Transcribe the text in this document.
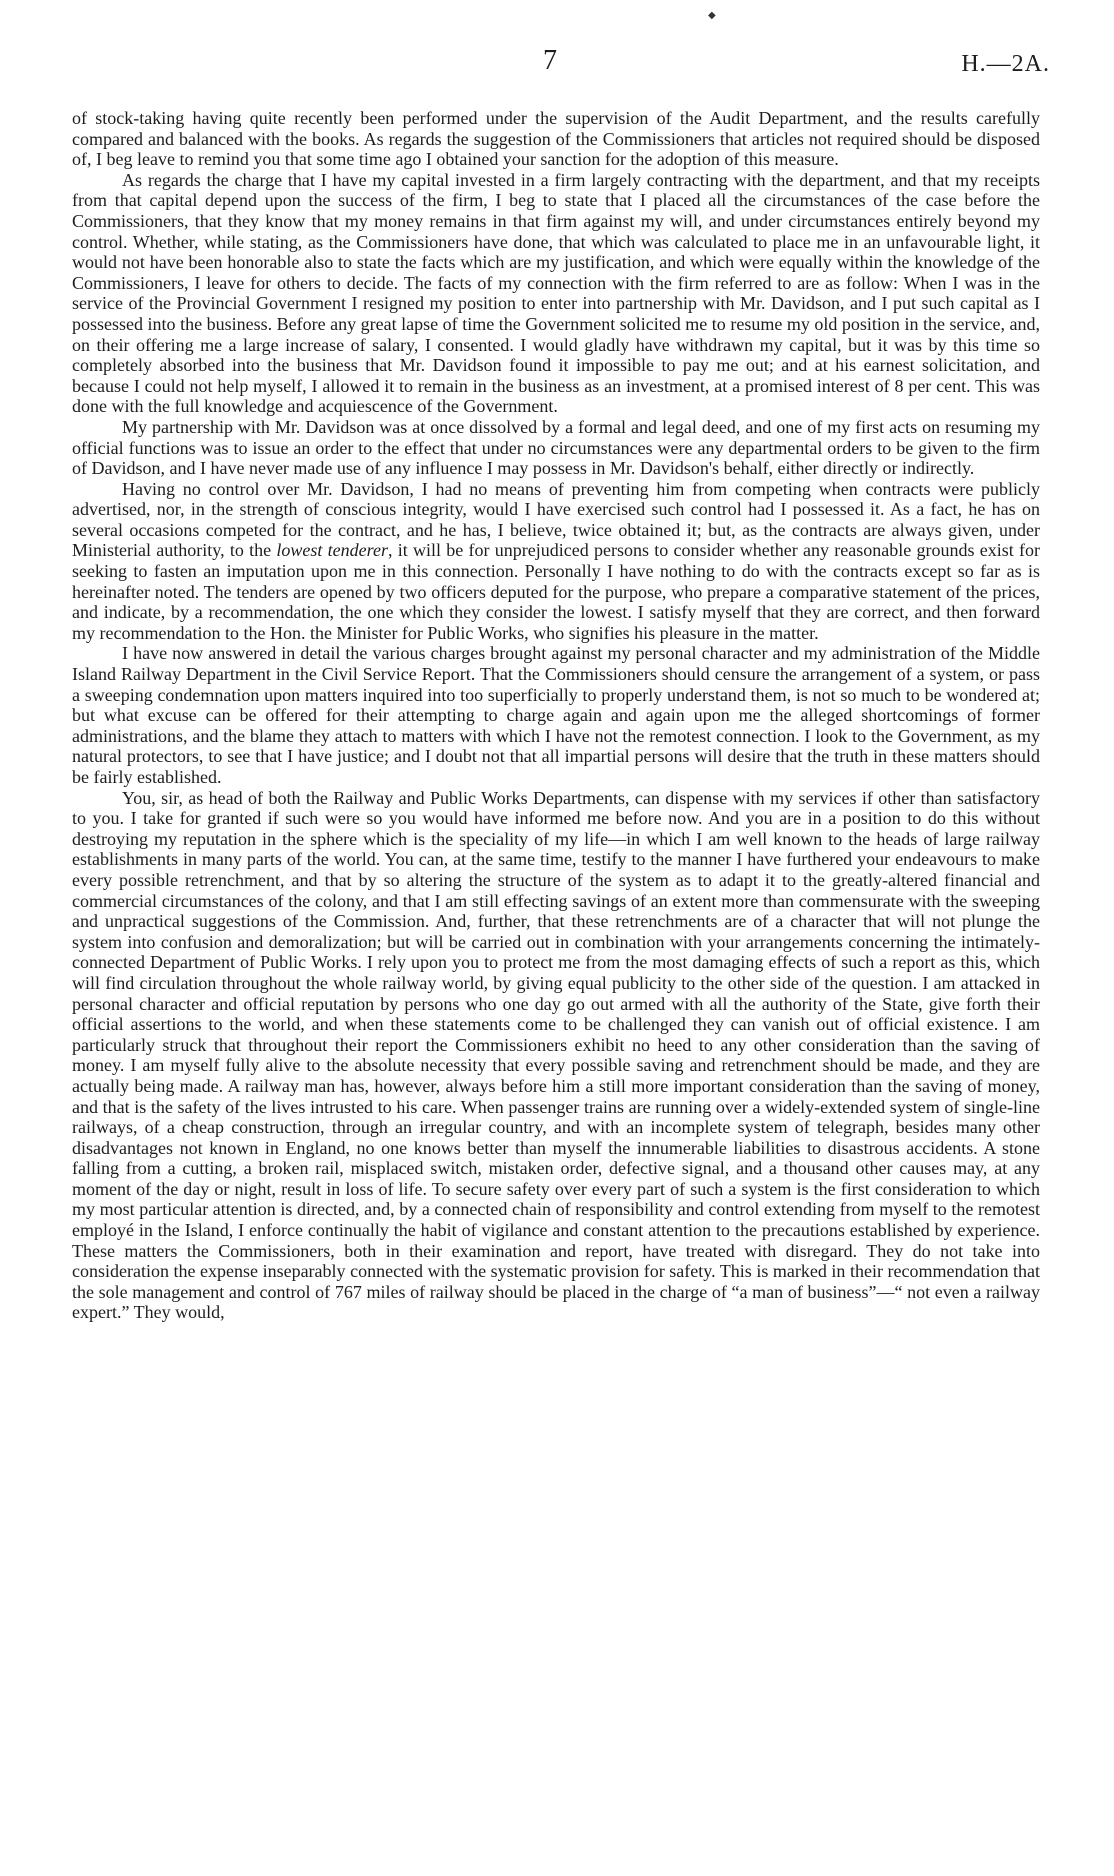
◆
7	H.—2A.

of stock-taking having quite recently been performed under the supervision of the Audit Department, and the results carefully compared and balanced with the books. As regards the suggestion of the Commissioners that articles not required should be disposed of, I beg leave to remind you that some time ago I obtained your sanction for the adoption of this measure.

As regards the charge that I have my capital invested in a firm largely contracting with the department, and that my receipts from that capital depend upon the success of the firm, I beg to state that I placed all the circumstances of the case before the Commissioners, that they know that my money remains in that firm against my will, and under circumstances entirely beyond my control. Whether, while stating, as the Commissioners have done, that which was calculated to place me in an unfavourable light, it would not have been honorable also to state the facts which are my justification, and which were equally within the knowledge of the Commissioners, I leave for others to decide. The facts of my connection with the firm referred to are as follow: When I was in the service of the Provincial Government I resigned my position to enter into partnership with Mr. Davidson, and I put such capital as I possessed into the business. Before any great lapse of time the Government solicited me to resume my old position in the service, and, on their offering me a large increase of salary, I consented. I would gladly have withdrawn my capital, but it was by this time so completely absorbed into the business that Mr. Davidson found it impossible to pay me out; and at his earnest solicitation, and because I could not help myself, I allowed it to remain in the business as an investment, at a promised interest of 8 per cent. This was done with the full knowledge and acquiescence of the Government.

My partnership with Mr. Davidson was at once dissolved by a formal and legal deed, and one of my first acts on resuming my official functions was to issue an order to the effect that under no circumstances were any departmental orders to be given to the firm of Davidson, and I have never made use of any influence I may possess in Mr. Davidson's behalf, either directly or indirectly.

Having no control over Mr. Davidson, I had no means of preventing him from competing when contracts were publicly advertised, nor, in the strength of conscious integrity, would I have exercised such control had I possessed it. As a fact, he has on several occasions competed for the contract, and he has, I believe, twice obtained it; but, as the contracts are always given, under Ministerial authority, to the lowest tenderer, it will be for unprejudiced persons to consider whether any reasonable grounds exist for seeking to fasten an imputation upon me in this connection. Personally I have nothing to do with the contracts except so far as is hereinafter noted. The tenders are opened by two officers deputed for the purpose, who prepare a comparative statement of the prices, and indicate, by a recommendation, the one which they consider the lowest. I satisfy myself that they are correct, and then forward my recommendation to the Hon. the Minister for Public Works, who signifies his pleasure in the matter.

I have now answered in detail the various charges brought against my personal character and my administration of the Middle Island Railway Department in the Civil Service Report. That the Commissioners should censure the arrangement of a system, or pass a sweeping condemnation upon matters inquired into too superficially to properly understand them, is not so much to be wondered at; but what excuse can be offered for their attempting to charge again and again upon me the alleged shortcomings of former administrations, and the blame they attach to matters with which I have not the remotest connection. I look to the Government, as my natural protectors, to see that I have justice; and I doubt not that all impartial persons will desire that the truth in these matters should be fairly established.

You, sir, as head of both the Railway and Public Works Departments, can dispense with my services if other than satisfactory to you. I take for granted if such were so you would have informed me before now. And you are in a position to do this without destroying my reputation in the sphere which is the speciality of my life—in which I am well known to the heads of large railway establishments in many parts of the world. You can, at the same time, testify to the manner I have furthered your endeavours to make every possible retrenchment, and that by so altering the structure of the system as to adapt it to the greatly-altered financial and commercial circumstances of the colony, and that I am still effecting savings of an extent more than commensurate with the sweeping and unpractical suggestions of the Commission. And, further, that these retrenchments are of a character that will not plunge the system into confusion and demoralization; but will be carried out in combination with your arrangements concerning the intimately-connected Department of Public Works. I rely upon you to protect me from the most damaging effects of such a report as this, which will find circulation throughout the whole railway world, by giving equal publicity to the other side of the question. I am attacked in personal character and official reputation by persons who one day go out armed with all the authority of the State, give forth their official assertions to the world, and when these statements come to be challenged they can vanish out of official existence. I am particularly struck that throughout their report the Commissioners exhibit no heed to any other consideration than the saving of money. I am myself fully alive to the absolute necessity that every possible saving and retrenchment should be made, and they are actually being made. A railway man has, however, always before him a still more important consideration than the saving of money, and that is the safety of the lives intrusted to his care. When passenger trains are running over a widely-extended system of single-line railways, of a cheap construction, through an irregular country, and with an incomplete system of telegraph, besides many other disadvantages not known in England, no one knows better than myself the innumerable liabilities to disastrous accidents. A stone falling from a cutting, a broken rail, misplaced switch, mistaken order, defective signal, and a thousand other causes may, at any moment of the day or night, result in loss of life. To secure safety over every part of such a system is the first consideration to which my most particular attention is directed, and, by a connected chain of responsibility and control extending from myself to the remotest employé in the Island, I enforce continually the habit of vigilance and constant attention to the precautions established by experience. These matters the Commissioners, both in their examination and report, have treated with disregard. They do not take into consideration the expense inseparably connected with the systematic provision for safety. This is marked in their recommendation that the sole management and control of 767 miles of railway should be placed in the charge of “a man of business”—“ not even a railway expert.” They would,
